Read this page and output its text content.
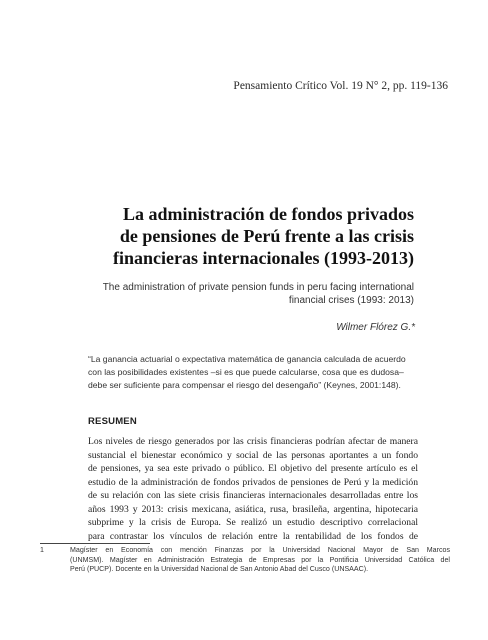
Pensamiento Crítico Vol. 19 N° 2, pp. 119-136
La administración de fondos privados
de pensiones de Perú frente a las crisis
financieras internacionales (1993-2013)
The administration of private pension funds in peru facing international
financial crises (1993: 2013)
Wilmer Flórez G.*
“La ganancia actuarial o expectativa matemática de ganancia calculada de acuerdo
con las posibilidades existentes –si es que puede calcularse, cosa que es dudosa–
debe ser suficiente para compensar el riesgo del desengaño” (Keynes, 2001:148).
RESUMEN
Los niveles de riesgo generados por las crisis financieras podrían afectar de manera
sustancial el bienestar económico y social de las personas aportantes a un fondo
de pensiones, ya sea este privado o público. El objetivo del presente artículo es el
estudio de la administración de fondos privados de pensiones de Perú y la medición
de su relación con las siete crisis financieras internacionales desarrolladas entre los
años 1993 y 2013: crisis mexicana, asiática, rusa, brasileña, argentina, hipotecaria
subprime y la crisis de Europa. Se realizó un estudio descriptivo correlacional
para contrastar los vínculos de relación entre la rentabilidad de los fondos de
1	Magíster en Economía con mención Finanzas por la Universidad Nacional Mayor de San Marcos
(UNMSM). Magíster en Administración Estrategia de Empresas por la Pontificia Universidad Católica del
Perú (PUCP). Docente en la Universidad Nacional de San Antonio Abad del Cusco (UNSAAC).
